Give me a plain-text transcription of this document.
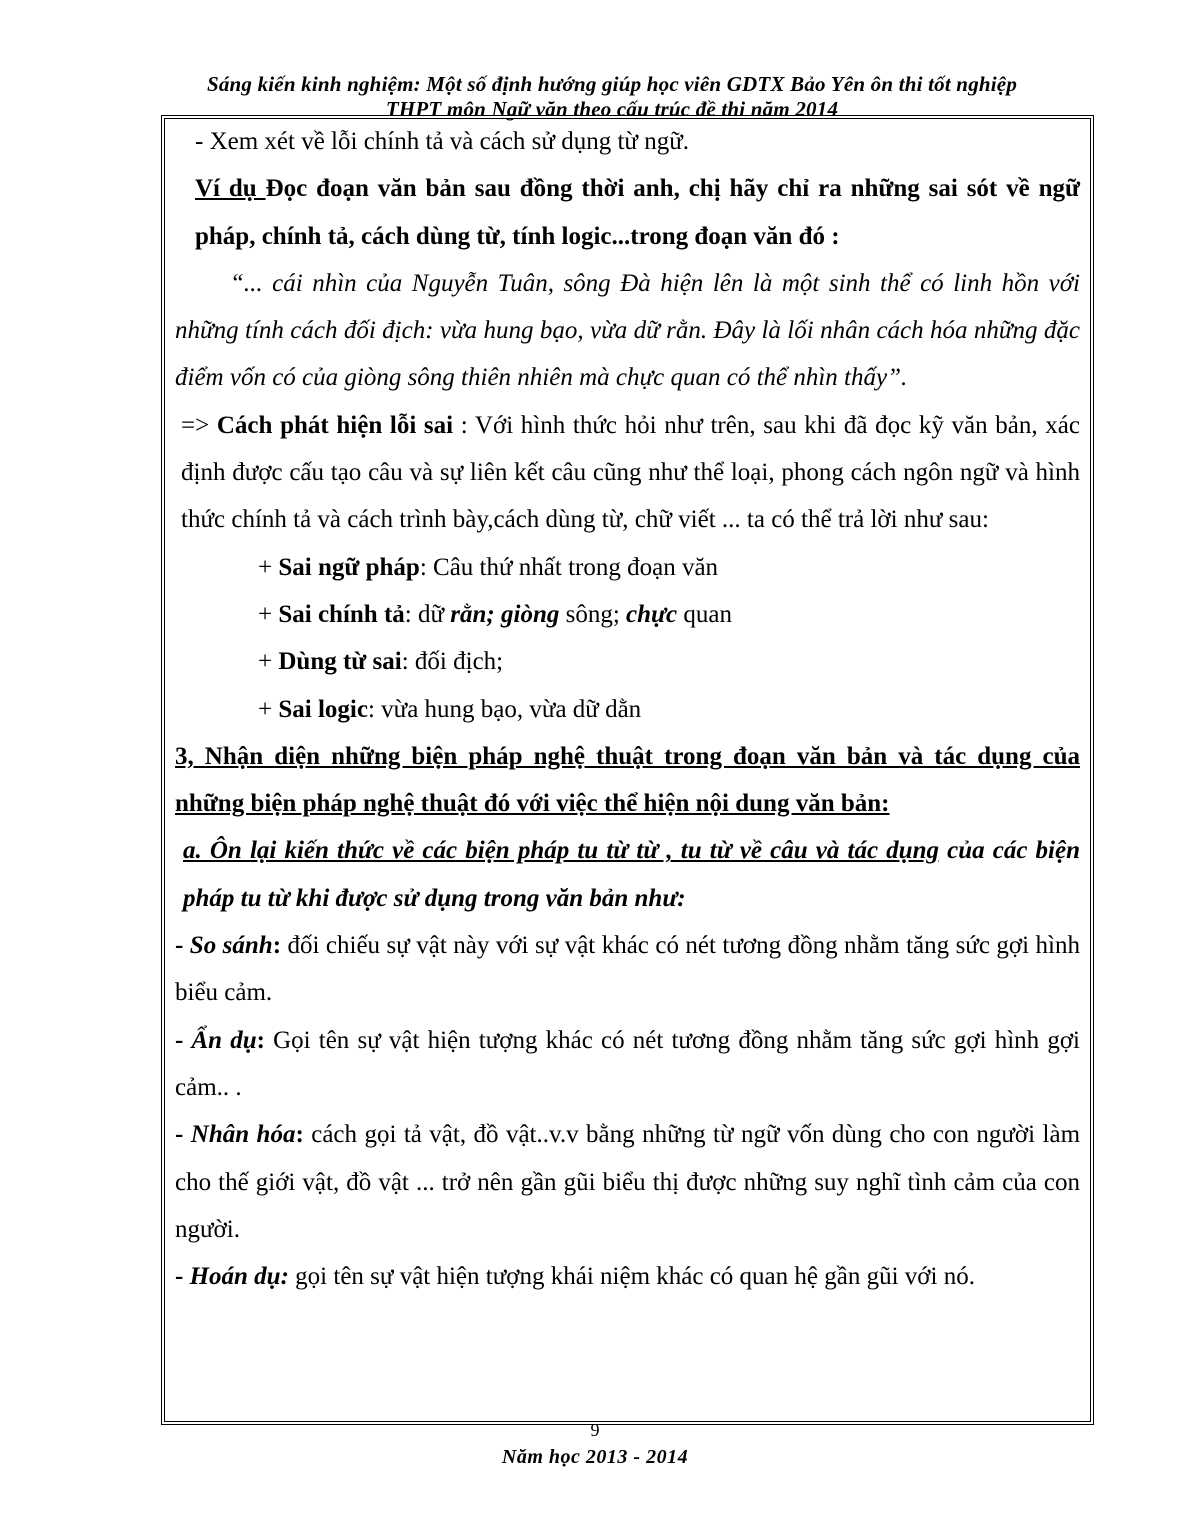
Sáng kiến kinh nghiệm: Một số định hướng giúp học viên GDTX Bảo Yên ôn thi tốt nghiệp
THPT môn Ngữ văn theo cấu trúc đề thi năm 2014

- Xem xét về lỗi chính tả và cách sử dụng từ ngữ.

Ví dụ Đọc đoạn văn bản sau đồng thời anh, chị hãy chỉ ra những sai sót về ngữ pháp, chính tả, cách dùng từ, tính logic...trong đoạn văn đó :

“... cái nhìn của Nguyễn Tuân, sông Đà hiện lên là một sinh thể có linh hồn với những tính cách đối địch: vừa hung bạo, vừa dữ rằn. Đây là lối nhân cách hóa những đặc điểm vốn có của giòng sông thiên nhiên mà chực quan có thể nhìn thấy”.

=> Cách phát hiện lỗi sai : Với hình thức hỏi như trên, sau khi đã đọc kỹ văn bản, xác định được cấu tạo câu và sự liên kết câu cũng như thể loại, phong cách ngôn ngữ và hình thức chính tả và cách trình bày,cách dùng từ, chữ viết ... ta có thể trả lời như sau:

+ Sai ngữ pháp: Câu thứ nhất trong đoạn văn

+ Sai chính tả: dữ rằn; giòng sông; chực quan

+ Dùng từ sai: đối địch;

+ Sai logic: vừa hung bạo, vừa dữ dằn

3, Nhận diện những biện pháp nghệ thuật trong đoạn văn bản và tác dụng của những biện pháp nghệ thuật đó với việc thể hiện nội dung văn bản:

a. Ôn lại kiến thức về các biện pháp tu từ từ , tu từ về câu và tác dụng của các biện pháp tu từ khi được sử dụng trong văn bản như:

- So sánh: đối chiếu sự vật này với sự vật khác có nét tương đồng nhằm tăng sức gợi hình biểu cảm.

- Ẩn dụ: Gọi tên sự vật hiện tượng khác có nét tương đồng nhằm tăng sức gợi hình gợi cảm.. .

- Nhân hóa: cách gọi tả vật, đồ vật..v.v bằng những từ ngữ vốn dùng cho con người làm cho thế giới vật, đồ vật ... trở nên gần gũi biểu thị được những suy nghĩ tình cảm của con người.

- Hoán dụ: gọi tên sự vật hiện tượng khái niệm khác có quan hệ gần gũi với nó.

9
Năm học 2013 - 2014
